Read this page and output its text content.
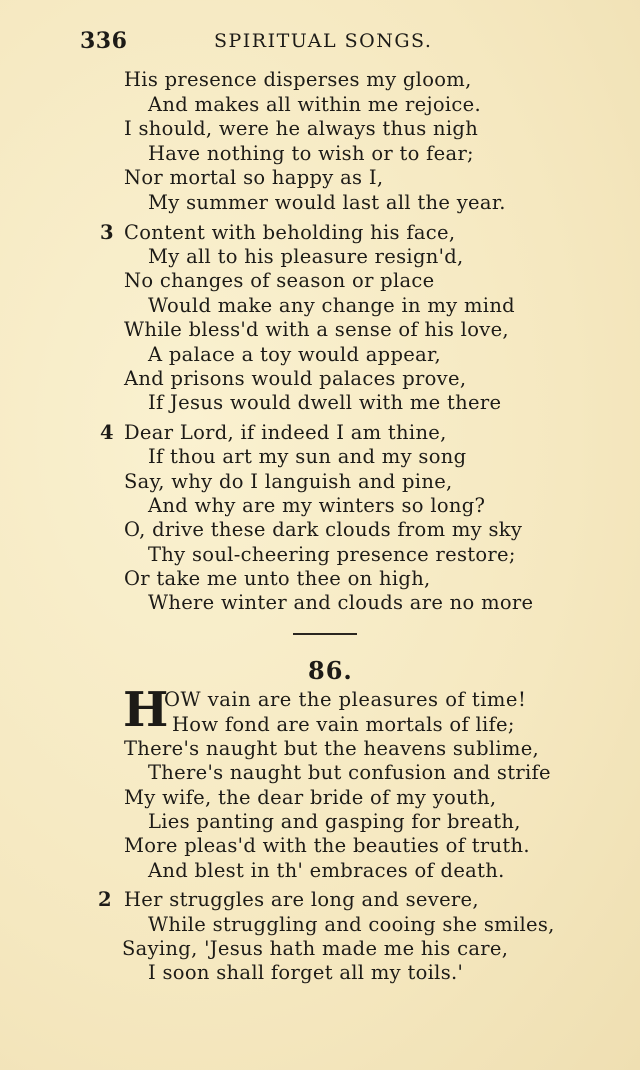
336	SPIRITUAL SONGS.
His presence disperses my gloom,
And makes all within me rejoice.
I should, were he always thus nigh
Have nothing to wish or to fear;
Nor mortal so happy as I,
My summer would last all the year.
3 Content with beholding his face,
My all to his pleasure resign'd,
No changes of season or place
Would make any change in my mind
While bless'd with a sense of his love,
A palace a toy would appear,
And prisons would palaces prove,
If Jesus would dwell with me there
4 Dear Lord, if indeed I am thine,
If thou art my sun and my song
Say, why do I languish and pine,
And why are my winters so long?
O, drive these dark clouds from my sky
Thy soul-cheering presence restore;
Or take me unto thee on high,
Where winter and clouds are no more
86.
H
OW vain are the pleasures of time!
How fond are vain mortals of life;
There's naught but the heavens sublime,
There's naught but confusion and strife
My wife, the dear bride of my youth,
Lies panting and gasping for breath,
More pleas'd with the beauties of truth.
And blest in th' embraces of death.
2 Her struggles are long and severe,
While struggling and cooing she smiles,
Saying, 'Jesus hath made me his care,
I soon shall forget all my toils.'
